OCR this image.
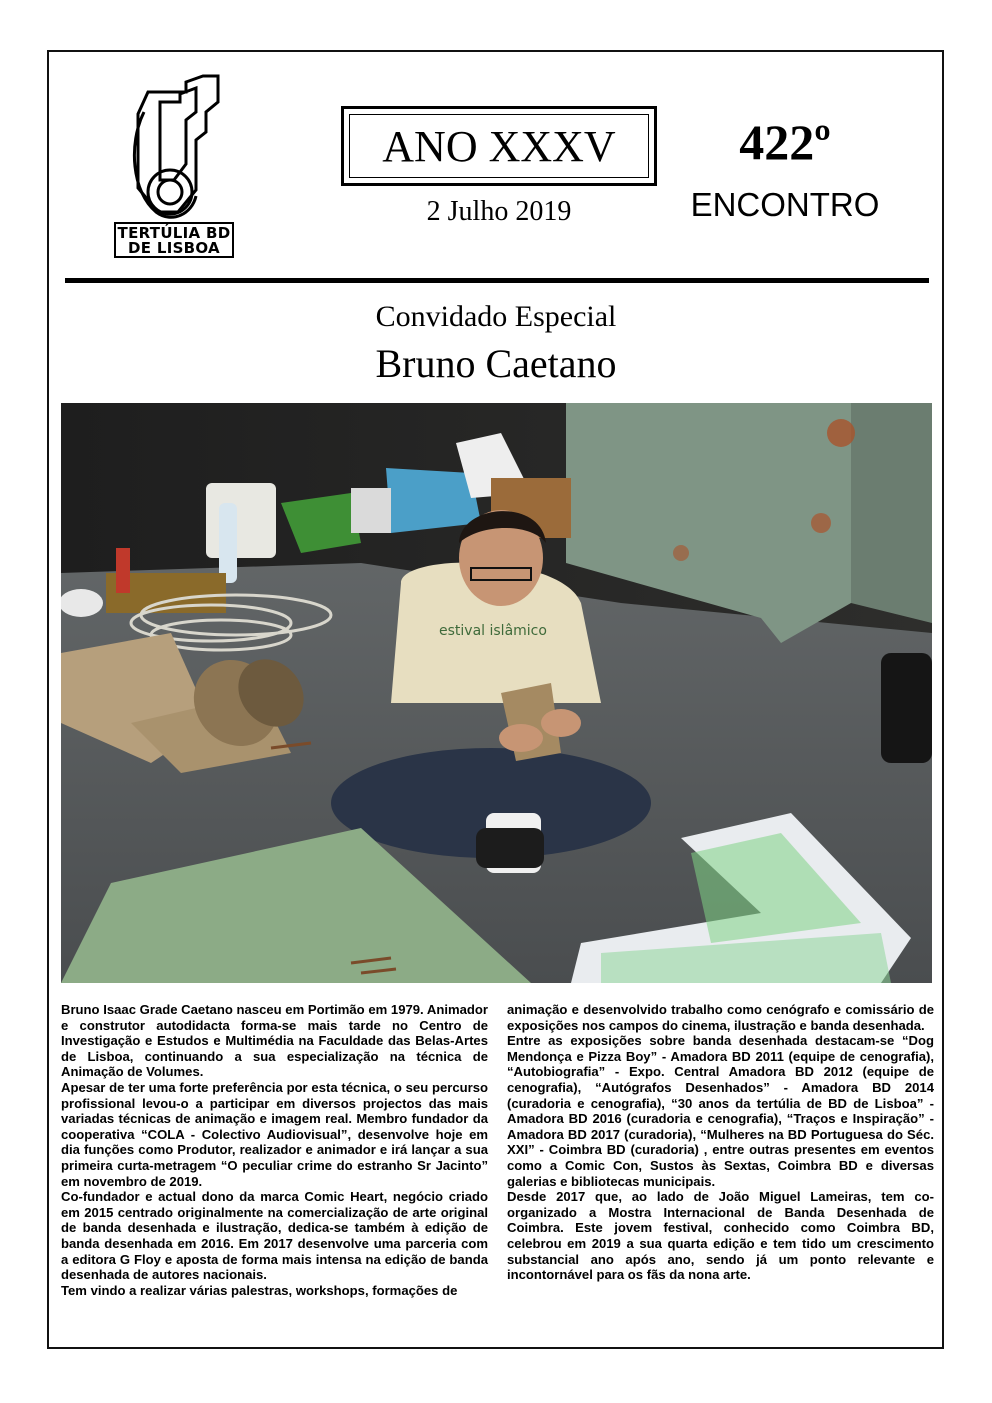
TERTÚLIA BD
DE LISBOA
ANO XXXV
2 Julho 2019
422º
ENCONTRO
Convidado Especial
Bruno Caetano
estival islâmico

Bruno Isaac Grade Caetano nasceu em Portimão em 1979. Animador e construtor autodidacta forma-se mais tarde no Centro de Investigação e Estudos e Multimédia na Faculdade das Belas-Artes de Lisboa, continuando a sua especialização na técnica de Animação de Volumes.

Apesar de ter uma forte preferência por esta técnica, o seu percurso profissional levou-o a participar em diversos projectos das mais variadas técnicas de animação e imagem real. Membro fundador da cooperativa “COLA - Colectivo Audiovisual”, desenvolve hoje em dia funções como Produtor, realizador e animador e irá lançar a sua primeira curta-metragem “O peculiar crime do estranho Sr Jacinto” em novembro de 2019.

Co-fundador e actual dono da marca Comic Heart, negócio criado em 2015 centrado originalmente na comercialização de arte original de banda desenhada e ilustração, dedica-se também à edição de banda desenhada em 2016. Em 2017 desenvolve uma parceria com a editora G Floy e aposta de forma mais intensa na edição de banda desenhada de autores nacionais.

Tem vindo a realizar várias palestras, workshops, formações de

animação e desenvolvido trabalho como cenógrafo e comissário de exposições nos campos do cinema, ilustração e banda desenhada.

Entre as exposições sobre banda desenhada destacam-se “Dog Mendonça e Pizza Boy” - Amadora BD 2011 (equipe de cenografia), “Autobiografia” - Expo. Central Amadora BD 2012 (equipe de cenografia), “Autógrafos Desenhados” - Amadora BD 2014 (curadoria e cenografia), “30 anos da tertúlia de BD de Lisboa” - Amadora BD 2016 (curadoria e cenografia), “Traços e Inspiração” - Amadora BD 2017 (curadoria), “Mulheres na BD Portuguesa do Séc. XXI” - Coimbra BD (curadoria) , entre outras presentes em eventos como a Comic Con, Sustos às Sextas, Coimbra BD e diversas galerias e bibliotecas municipais.

Desde 2017 que, ao lado de João Miguel Lameiras, tem co-organizado a Mostra Internacional de Banda Desenhada de Coimbra. Este jovem festival, conhecido como Coimbra BD, celebrou em 2019 a sua quarta edição e tem tido um crescimento substancial ano após ano, sendo já um ponto relevante e incontornável para os fãs da nona arte.
